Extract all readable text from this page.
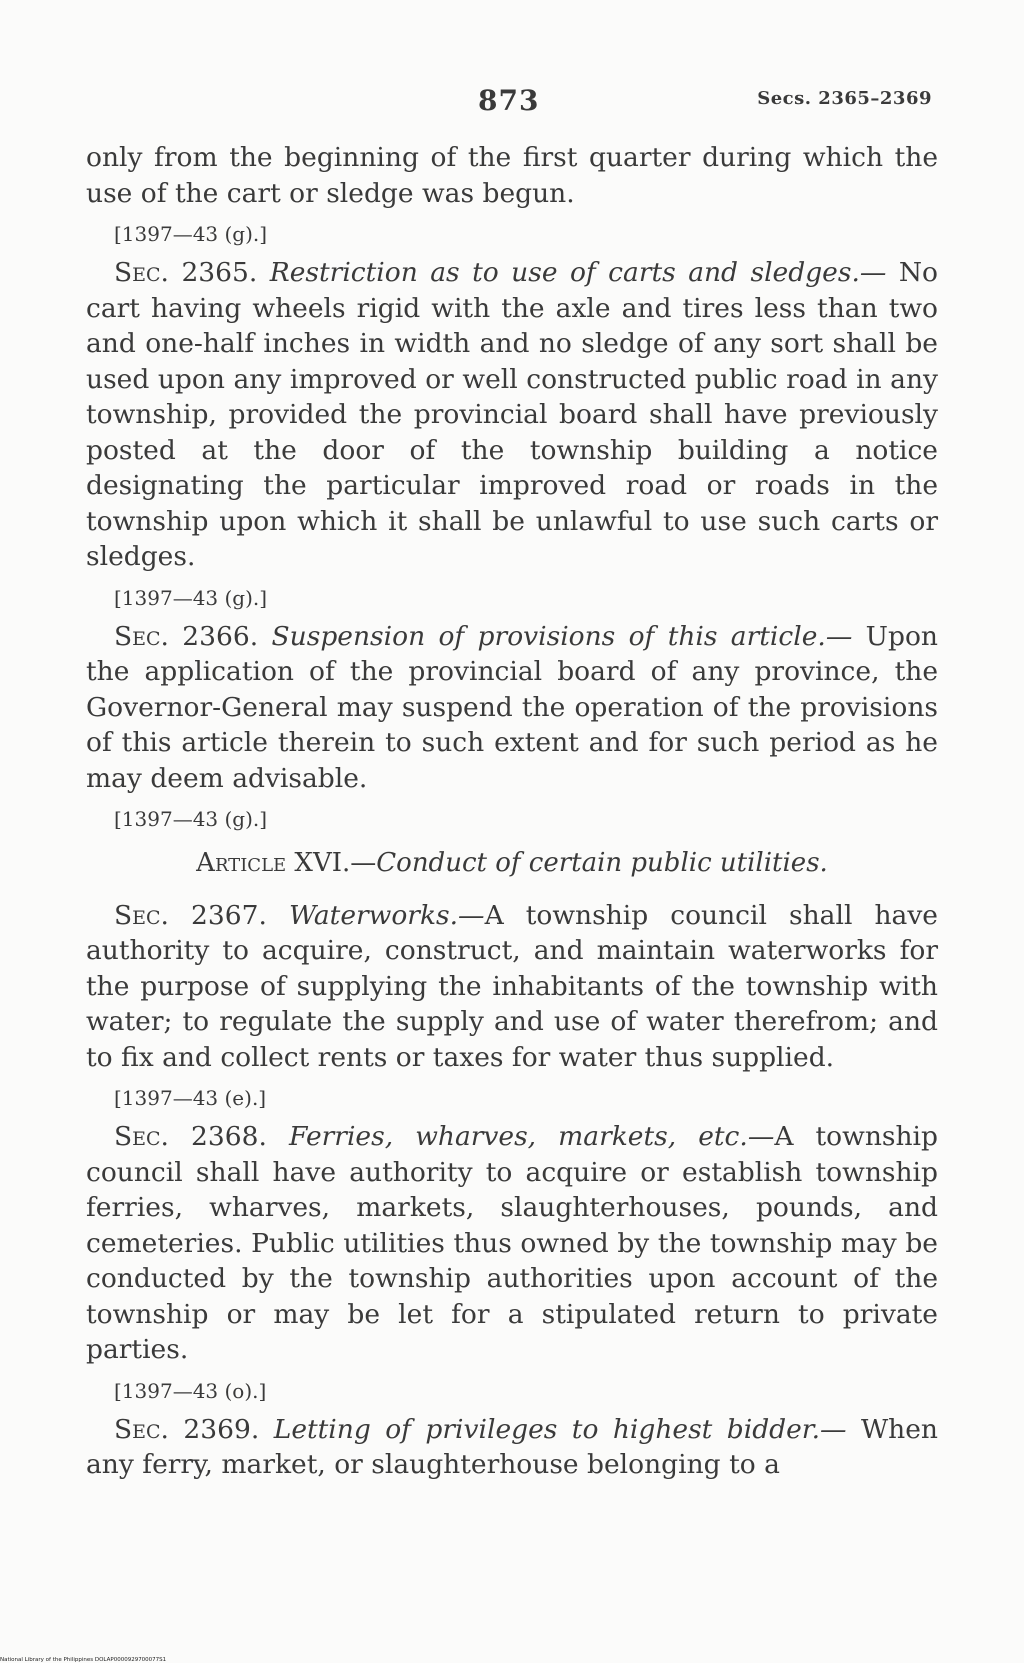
873	Secs. 2365–2369

only from the beginning of the first quarter during which the use of the cart or sledge was begun.

[1397—43 (g).]

Sec. 2365. Restriction as to use of carts and sledges.— No cart having wheels rigid with the axle and tires less than two and one-half inches in width and no sledge of any sort shall be used upon any improved or well constructed public road in any township, provided the provincial board shall have previously posted at the door of the township building a notice designating the particular improved road or roads in the township upon which it shall be unlawful to use such carts or sledges.

[1397—43 (g).]

Sec. 2366. Suspension of provisions of this article.— Upon the application of the provincial board of any province, the Governor-General may suspend the operation of the provisions of this article therein to such extent and for such period as he may deem advisable.

[1397—43 (g).]
Article XVI.—Conduct of certain public utilities.

Sec. 2367. Waterworks.—A township council shall have authority to acquire, construct, and maintain waterworks for the purpose of supplying the inhabitants of the township with water; to regulate the supply and use of water therefrom; and to fix and collect rents or taxes for water thus supplied.

[1397—43 (e).]

Sec. 2368. Ferries, wharves, markets, etc.—A township council shall have authority to acquire or establish township ferries, wharves, markets, slaughterhouses, pounds, and cemeteries. Public utilities thus owned by the township may be conducted by the township authorities upon account of the township or may be let for a stipulated return to private parties.

[1397—43 (o).]

Sec. 2369. Letting of privileges to highest bidder.— When any ferry, market, or slaughterhouse belonging to a

National Library of the Philippines DOLAP0000929700077S1
